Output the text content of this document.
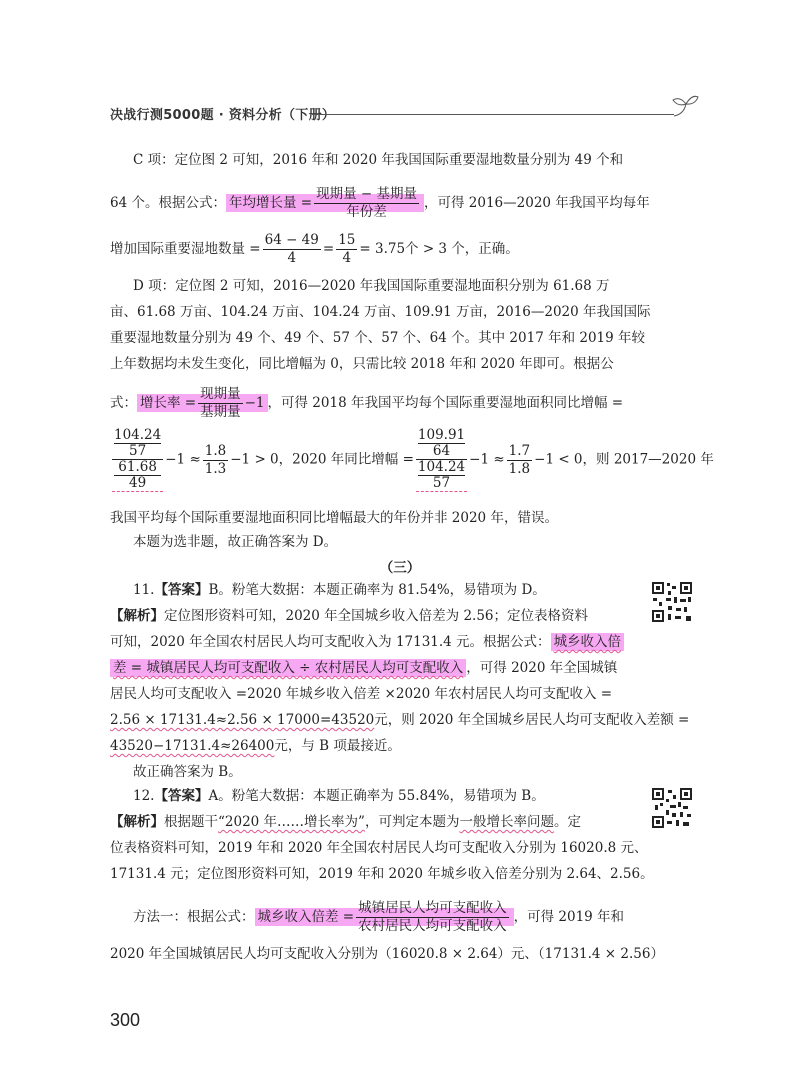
决战行测5000题 · 资料分析（下册）
C 项：定位图 2 可知，2016 年和 2020 年我国国际重要湿地数量分别为 49 个和
64 个。根据公式： 年均增长量 = $\frac{\text{现期量 − 基期量}}{\text{年份差}}$ ，可得 2016—2020 年我国平均每年
增加国际重要湿地数量 = $\frac{64 - 49}{4} = \frac{15}{4} = 3.75$个 > 3 个，正确。
D 项：定位图 2 可知，2016—2020 年我国国际重要湿地面积分别为 61.68 万
亩、61.68 万亩、104.24 万亩、104.24 万亩、109.91 万亩，2016—2020 年我国国际
重要湿地数量分别为 49 个、49 个、57 个、57 个、64 个。其中 2017 年和 2019 年较
上年数据均未发生变化，同比增幅为 0，只需比较 2018 年和 2020 年即可。根据公
式： 增长率 = $\frac{\text{现期量}}{\text{基期量}} -1$ ，可得 2018 年我国平均每个国际重要湿地面积同比增幅 =
104.24
57
61.68
$49 -1 \approx \frac{1.8}{1.3} -1 > 0$，2020 年同比增幅 = 109.91
64
104.24
$57 -1 \approx \frac{1.7}{1.8} -1 < 0$，则 2017—2020 年
我国平均每个国际重要湿地面积同比增幅最大的年份并非 2020 年，错误。
本题为选非题，故正确答案为 D。
（三）
11.【答案】B。粉笔大数据：本题正确率为 81.54%，易错项为 D。
【解析】定位图形资料可知，2020 年全国城乡收入倍差为 2.56；定位表格资料
可知，2020 年全国农村居民人均可支配收入为 17131.4 元。根据公式： 城乡收入倍
差 = 城镇居民人均可支配收入 ÷ 农村居民人均可支配收入 ，可得 2020 年全国城镇
居民人均可支配收入 =2020 年城乡收入倍差 ×2020 年农村居民人均可支配收入 =
2.56 × 17131.4≈2.56 × 17000=43520元，则 2020 年全国城乡居民人均可支配收入差额 =
43520−17131.4≈26400元，与 B 项最接近。
故正确答案为 B。
12.【答案】A。粉笔大数据：本题正确率为 55.84%，易错项为 B。
【解析】根据题干“2020 年……增长率为”，可判定本题为一般增长率问题。定
位表格资料可知，2019 年和 2020 年全国农村居民人均可支配收入分别为 16020.8 元、
17131.4 元；定位图形资料可知，2019 年和 2020 年城乡收入倍差分别为 2.64、2.56。
方法一：根据公式： 城乡收入倍差 = $\frac{\text{城镇居民人均可支配收入}}{\text{农村居民人均可支配收入}}$ ，可得 2019 年和
2020 年全国城镇居民人均可支配收入分别为（16020.8 × 2.64）元、（17131.4 × 2.56）
300
